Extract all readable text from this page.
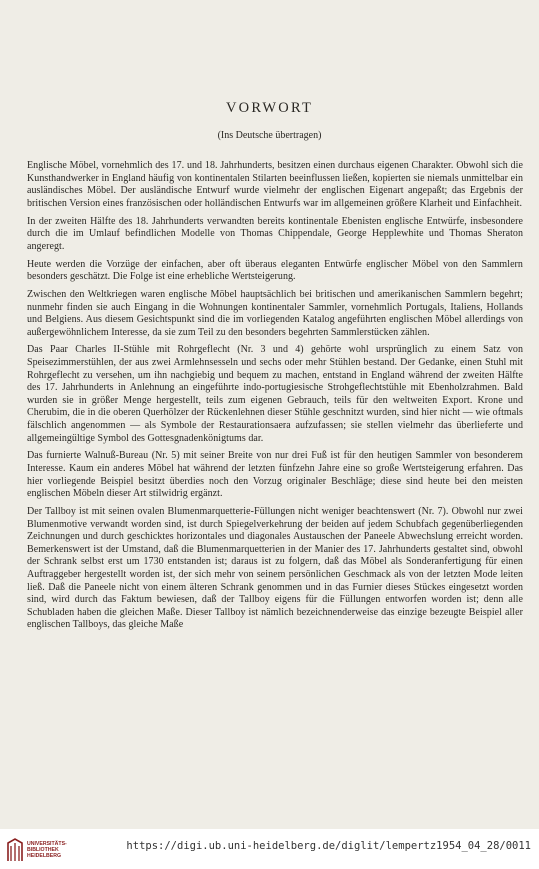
VORWORT
(Ins Deutsche übertragen)

Englische Möbel, vornehmlich des 17. und 18. Jahrhunderts, besitzen einen durchaus eigenen Charakter. Obwohl sich die Kunsthandwerker in England häufig von kontinentalen Stilarten beeinflussen ließen, kopierten sie niemals unmittelbar ein ausländisches Möbel. Der ausländische Entwurf wurde vielmehr der englischen Eigenart angepaßt; das Ergebnis der britischen Version eines französischen oder holländischen Entwurfs war im allgemeinen größere Klarheit und Einfachheit.

In der zweiten Hälfte des 18. Jahrhunderts verwandten bereits kontinentale Ebenisten englische Entwürfe, insbesondere durch die im Umlauf befindlichen Modelle von Thomas Chippendale, George Hepplewhite und Thomas Sheraton angeregt.

Heute werden die Vorzüge der einfachen, aber oft überaus eleganten Entwürfe englischer Möbel von den Sammlern besonders geschätzt. Die Folge ist eine erhebliche Wertsteigerung.

Zwischen den Weltkriegen waren englische Möbel hauptsächlich bei britischen und amerikanischen Sammlern begehrt; nunmehr finden sie auch Eingang in die Wohnungen kontinentaler Sammler, vornehmlich Portugals, Italiens, Hollands und Belgiens. Aus diesem Gesichtspunkt sind die im vorliegenden Katalog angeführten englischen Möbel allerdings von außergewöhnlichem Interesse, da sie zum Teil zu den besonders begehrten Sammlerstücken zählen.

Das Paar Charles II-Stühle mit Rohrgeflecht (Nr. 3 und 4) gehörte wohl ursprünglich zu einem Satz von Speisezimmerstühlen, der aus zwei Armlehnsesseln und sechs oder mehr Stühlen bestand. Der Gedanke, einen Stuhl mit Rohrgeflecht zu versehen, um ihn nachgiebig und bequem zu machen, entstand in England während der zweiten Hälfte des 17. Jahrhunderts in Anlehnung an eingeführte indo-portugiesische Strohgeflechtstühle mit Ebenholzrahmen. Bald wurden sie in größer Menge hergestellt, teils zum eigenen Gebrauch, teils für den weltweiten Export. Krone und Cherubim, die in die oberen Querhölzer der Rückenlehnen dieser Stühle geschnitzt wurden, sind hier nicht — wie oftmals fälschlich angenommen — als Symbole der Restaurationsaera aufzufassen; sie stellen vielmehr das überlieferte und allgemeingültige Symbol des Gottesgnadenkönigtums dar.

Das furnierte Walnuß-Bureau (Nr. 5) mit seiner Breite von nur drei Fuß ist für den heutigen Sammler von besonderem Interesse. Kaum ein anderes Möbel hat während der letzten fünfzehn Jahre eine so große Wertsteigerung erfahren. Das hier vorliegende Beispiel besitzt überdies noch den Vorzug originaler Beschläge; diese sind heute bei den meisten englischen Möbeln dieser Art stilwidrig ergänzt.

Der Tallboy ist mit seinen ovalen Blumenmarquetterie-Füllungen nicht weniger beachtenswert (Nr. 7). Obwohl nur zwei Blumenmotive verwandt worden sind, ist durch Spiegelverkehrung der beiden auf jedem Schubfach gegenüberliegenden Zeichnungen und durch geschicktes horizontales und diagonales Austauschen der Paneele Abwechslung erreicht worden. Bemerkenswert ist der Umstand, daß die Blumenmarquetterien in der Manier des 17. Jahrhunderts gestaltet sind, obwohl der Schrank selbst erst um 1730 entstanden ist; daraus ist zu folgern, daß das Möbel als Sonderanfertigung für einen Auftraggeber hergestellt worden ist, der sich mehr von seinem persönlichen Geschmack als von der letzten Mode leiten ließ. Daß die Paneele nicht von einem älteren Schrank genommen und in das Furnier dieses Stückes eingesetzt worden sind, wird durch das Faktum bewiesen, daß der Tallboy eigens für die Füllungen entworfen worden ist; denn alle Schubladen haben die gleichen Maße. Dieser Tallboy ist nämlich bezeichnenderweise das einzige bezeugte Beispiel aller englischen Tallboys, das gleiche Maße

UNIVERSITÄTS-
BIBLIOTHEK
HEIDELBERG
https://digi.ub.uni-heidelberg.de/diglit/lempertz1954_04_28/0011
